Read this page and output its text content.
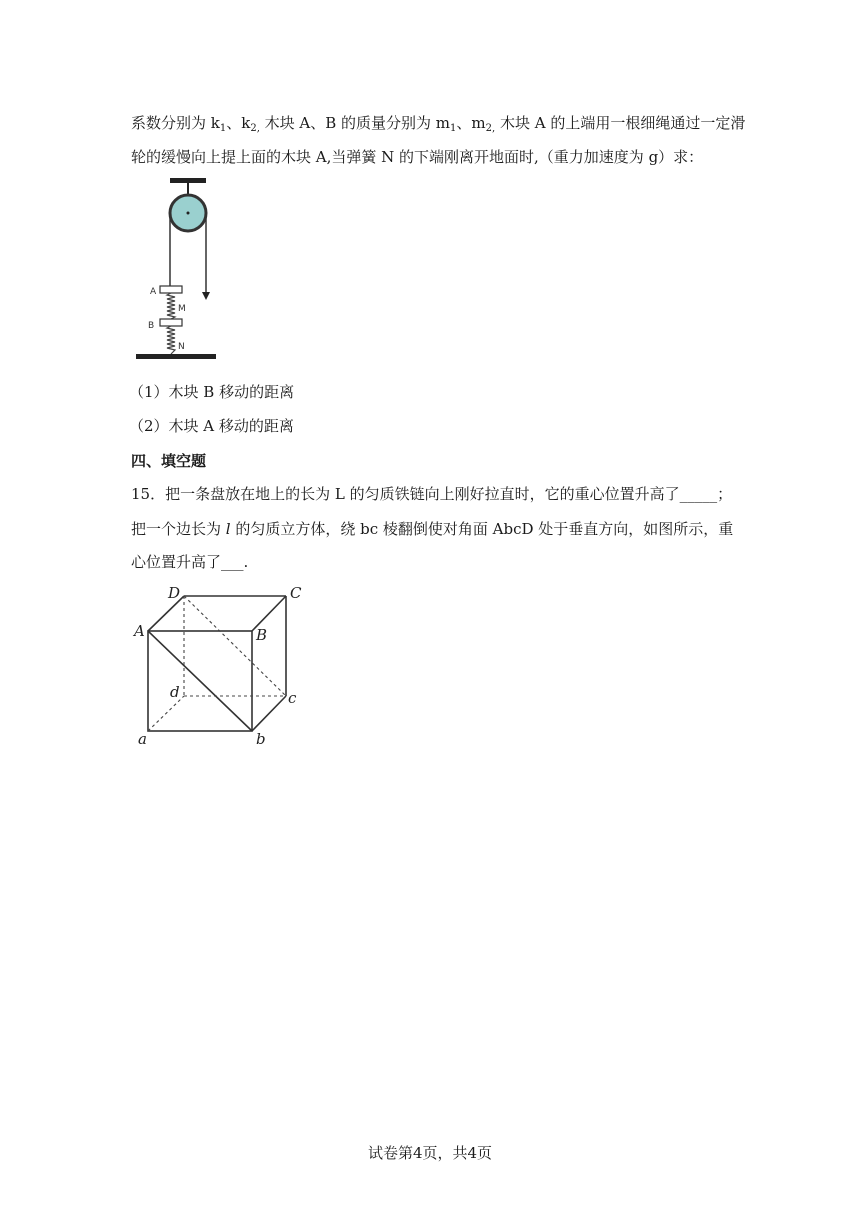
系数分别为 $k_1$、$k_{2,}$ 木块 A、B 的质量分别为 $m_1$、$m_{2,}$ 木块 A 的上端用一根细绳通过一定滑
轮的缓慢向上提上面的木块 A,当弹簧 N 的下端刚离开地面时,（重力加速度为 g）求：
A
M
B
N
（1）木块 B 移动的距离
（2）木块 A 移动的距离
四、填空题
15．把一条盘放在地上的长为 L 的匀质铁链向上刚好拉直时，它的重心位置升高了_____；
把一个边长为 l 的匀质立方体，绕 bc 棱翻倒使对角面 AbcD 处于垂直方向，如图所示，重
心位置升高了___.
D	C
A	B
d	c
a	b
试卷第4页，共4页
